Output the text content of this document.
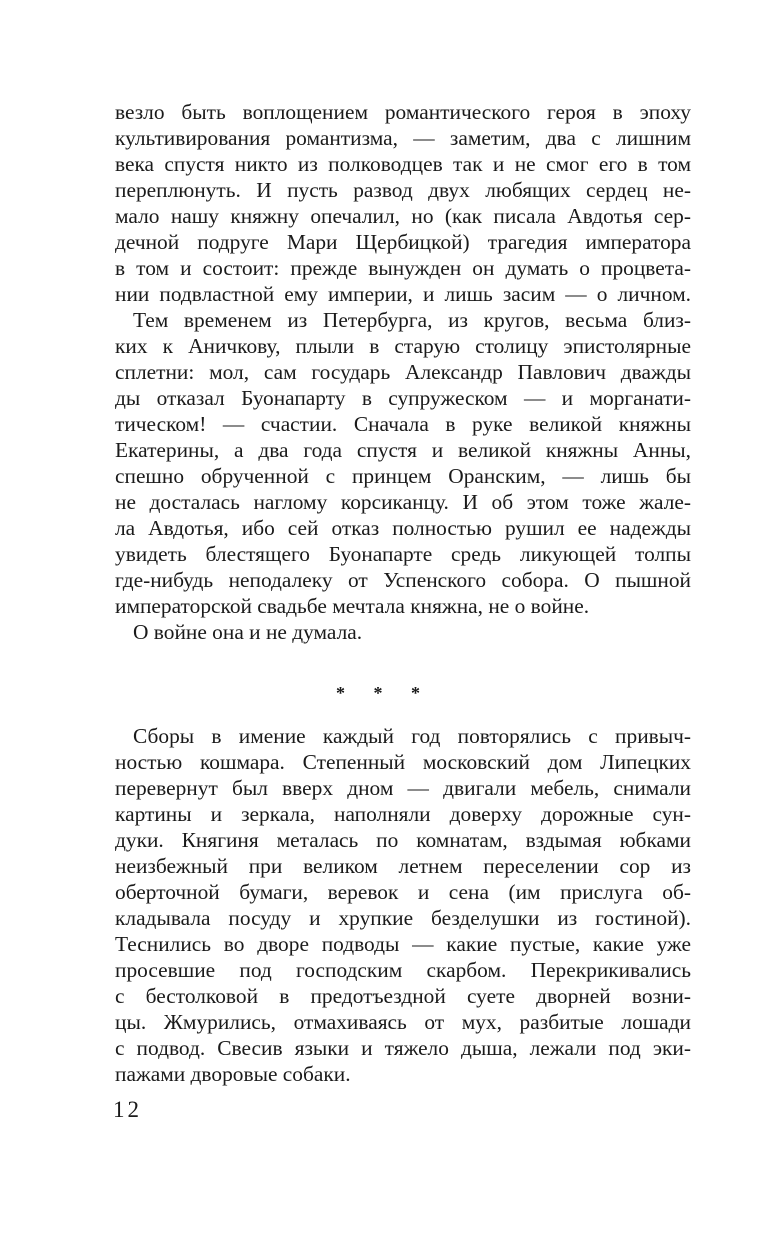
везло быть воплощением романтического героя в эпоху
культивирования романтизма, — заметим, два с лишним
века спустя никто из полководцев так и не смог его в том
переплюнуть. И пусть развод двух любящих сердец не-
мало нашу княжну опечалил, но (как писала Авдотья сер-
дечной подруге Мари Щербицкой) трагедия императора
в том и состоит: прежде вынужден он думать о процвета-
нии подвластной ему империи, и лишь засим — о личном.
Тем временем из Петербурга, из кругов, весьма близ-
ких к Аничкову, плыли в старую столицу эпистолярные
сплетни: мол, сам государь Александр Павлович дважды
ды отказал Буонапарту в супружеском — и морганати-
тическом! — счастии. Сначала в руке великой княжны
Екатерины, а два года спустя и великой княжны Анны,
спешно обрученной с принцем Оранским, — лишь бы
не досталась наглому корсиканцу. И об этом тоже жале-
ла Авдотья, ибо сей отказ полностью рушил ее надежды
увидеть блестящего Буонапарте средь ликующей толпы
где-нибудь неподалеку от Успенского собора. О пышной
императорской свадьбе мечтала княжна, не о войне.
О войне она и не думала.
* * *
Сборы в имение каждый год повторялись с привыч-
ностью кошмара. Степенный московский дом Липецких
перевернут был вверх дном — двигали мебель, снимали
картины и зеркала, наполняли доверху дорожные сун-
дуки. Княгиня металась по комнатам, вздымая юбками
неизбежный при великом летнем переселении сор из
оберточной бумаги, веревок и сена (им прислуга об-
кладывала посуду и хрупкие безделушки из гостиной).
Теснились во дворе подводы — какие пустые, какие уже
просевшие под господским скарбом. Перекрикивались
с бестолковой в предотъездной суете дворней возни-
цы. Жмурились, отмахиваясь от мух, разбитые лошади
с подвод. Свесив языки и тяжело дыша, лежали под эки-
пажами дворовые собаки.
12
